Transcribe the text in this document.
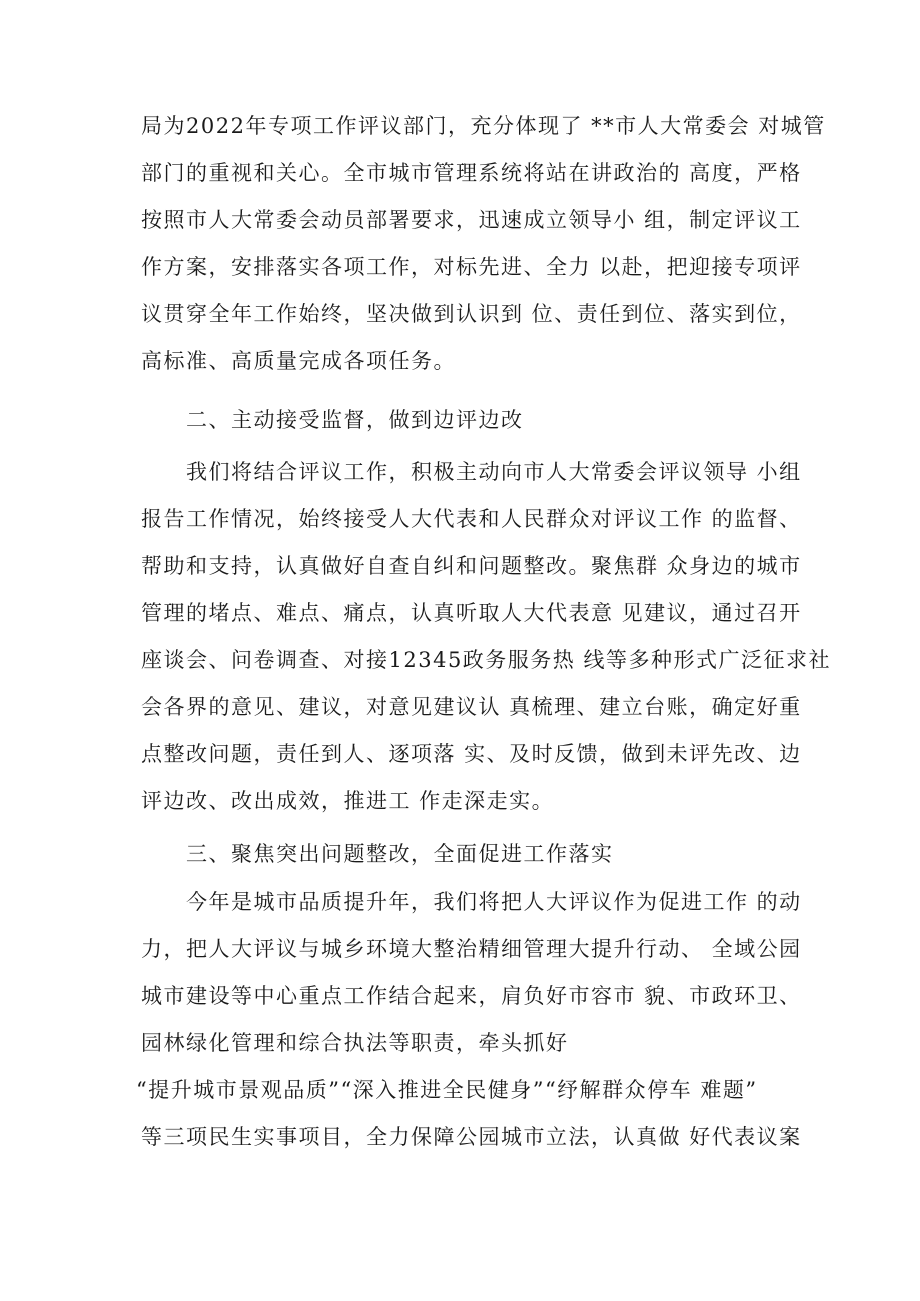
局为2022年专项工作评议部门，充分体现了 **市人大常委会 对城管
部门的重视和关心。全市城市管理系统将站在讲政治的 高度，严格
按照市人大常委会动员部署要求，迅速成立领导小 组，制定评议工
作方案，安排落实各项工作，对标先进、全力 以赴，把迎接专项评
议贯穿全年工作始终，坚决做到认识到 位、责任到位、落实到位，
高标准、高质量完成各项任务。
二、主动接受监督，做到边评边改
我们将结合评议工作，积极主动向市人大常委会评议领导 小组
报告工作情况，始终接受人大代表和人民群众对评议工作 的监督、
帮助和支持，认真做好自查自纠和问题整改。聚焦群 众身边的城市
管理的堵点、难点、痛点，认真听取人大代表意 见建议，通过召开
座谈会、问卷调查、对接12345政务服务热 线等多种形式广泛征求社
会各界的意见、建议，对意见建议认 真梳理、建立台账，确定好重
点整改问题，责任到人、逐项落 实、及时反馈，做到未评先改、边
评边改、改出成效，推进工 作走深走实。
三、聚焦突出问题整改，全面促进工作落实
今年是城市品质提升年，我们将把人大评议作为促进工作 的动
力，把人大评议与城乡环境大整治精细管理大提升行动、 全域公园
城市建设等中心重点工作结合起来，肩负好市容市 貌、市政环卫、
园林绿化管理和综合执法等职责，牵头抓好
“提升城市景观品质”“深入推进全民健身”“纾解群众停车 难题”
等三项民生实事项目，全力保障公园城市立法，认真做 好代表议案
